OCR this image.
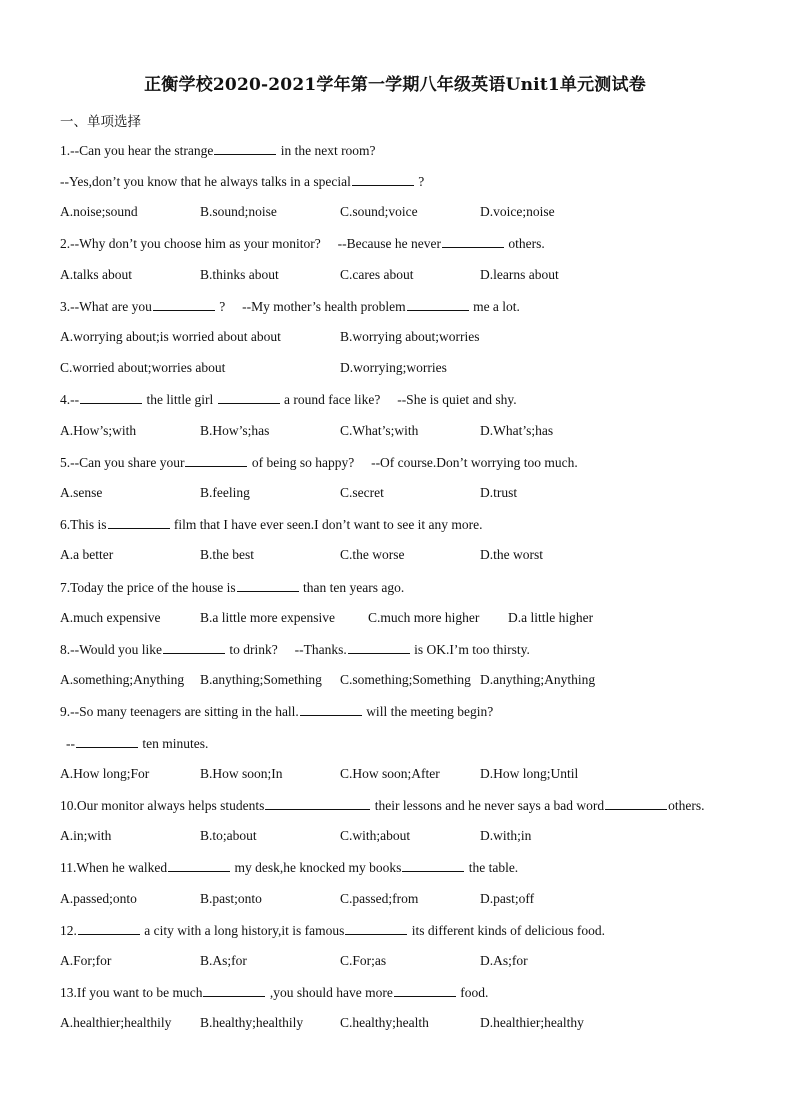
正衡学校2020-2021学年第一学期八年级英语Unit1单元测试卷
一、单项选择
1.--Can you hear the strange	in the next room?
--Yes,don’t you know that he always talks in a special	?
A.noise;sound	B.sound;noise	C.sound;voice	D.voice;noise
2.--Why don’t you choose him as your monitor?　 --Because he never	others.
A.talks about	B.thinks about	C.cares about	D.learns about
3.--What are you	?　 --My mother’s health problem	me a lot.
A.worrying about;is worried about about	B.worrying about;worries
C.worried about;worries about	D.worrying;worries
4.--	the little girl	a round face like?　 --She is quiet and shy.
A.How’s;with	B.How’s;has	C.What’s;with	D.What’s;has
5.--Can you share your	of being so happy?　 --Of course.Don’t worrying too much.
A.sense	B.feeling	C.secret	D.trust
6.This is	film that I have ever seen.I don’t want to see it any more.
A.a better	B.the best	C.the worse	D.the worst
7.Today the price of the house is	than ten years ago.
A.much expensive	B.a little more expensive C.much more higher D.a little higher
8.--Would you like	to drink?　 --Thanks.	is OK.I’m too thirsty.
A.something;Anything B.anything;Something C.something;Something D.anything;Anything
9.--So many teenagers are sitting in the hall.	will the meeting begin?
--	ten minutes.
A.How long;For	B.How soon;In	C.How soon;After	D.How long;Until
10.Our monitor always helps students	their lessons and he never says a bad word	others.
A.in;with	B.to;about	C.with;about	D.with;in
11.When he walked	my desk,he knocked my books	the table.
A.passed;onto	B.past;onto	C.passed;from	D.past;off
12.	a city with a long history,it is famous	its different kinds of delicious food.
A.For;for	B.As;for	C.For;as	D.As;for
13.If you want to be much	,you should have more	food.
A.healthier;healthily B.healthy;healthily	C.healthy;health	D.healthier;healthy
